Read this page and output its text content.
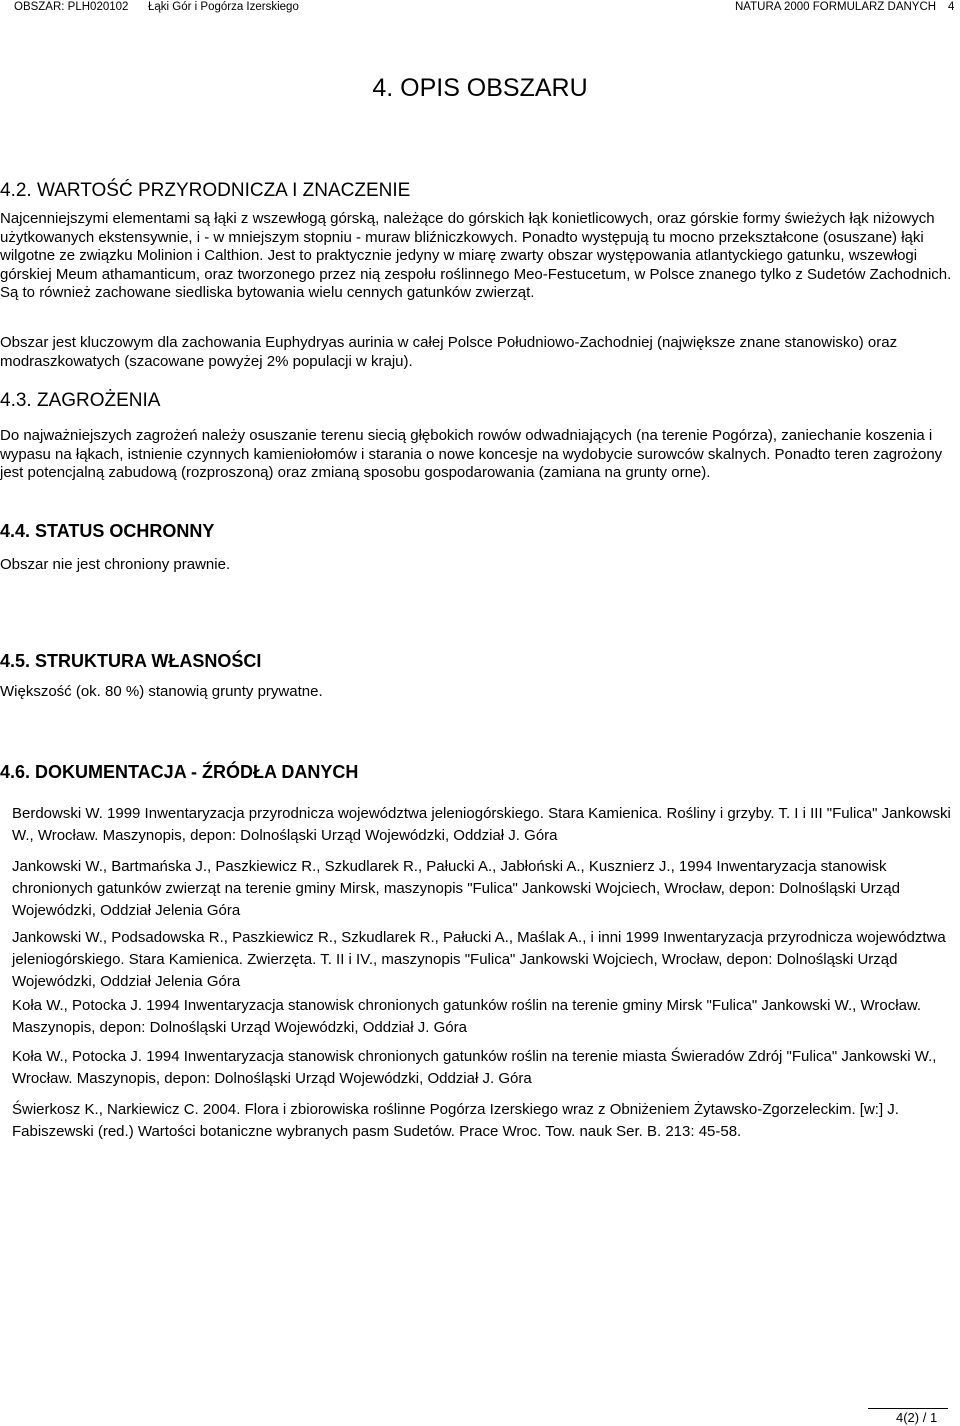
OBSZAR: PLH020102 Łąki Gór i Pogórza Izerskiego	NATURA 2000 FORMULARZ DANYCH 4
4. OPIS OBSZARU
4.2. WARTOŚĆ PRZYRODNICZA I ZNACZENIE

Najcenniejszymi elementami są łąki z wszewłogą górską, należące do górskich łąk konietlicowych, oraz górskie formy świeżych łąk niżowych użytkowanych ekstensywnie, i - w mniejszym stopniu - muraw bliźniczkowych. Ponadto występują tu mocno przekształcone (osuszane) łąki wilgotne ze związku Molinion i Calthion. Jest to praktycznie jedyny w miarę zwarty obszar występowania atlantyckiego gatunku, wszewłogi górskiej Meum athamanticum, oraz tworzonego przez nią zespołu roślinnego Meo-Festucetum, w Polsce znanego tylko z Sudetów Zachodnich. Są to również zachowane siedliska bytowania wielu cennych gatunków zwierząt.

Obszar jest kluczowym dla zachowania Euphydryas aurinia w całej Polsce Południowo-Zachodniej (największe znane stanowisko) oraz modraszkowatych (szacowane powyżej 2% populacji w kraju).

4.3. ZAGROŻENIA

Do najważniejszych zagrożeń należy osuszanie terenu siecią głębokich rowów odwadniających (na terenie Pogórza), zaniechanie koszenia i wypasu na łąkach, istnienie czynnych kamieniołomów i starania o nowe koncesje na wydobycie surowców skalnych. Ponadto teren zagrożony jest potencjalną zabudową (rozproszoną) oraz zmianą sposobu gospodarowania (zamiana na grunty orne).

4.4. STATUS OCHRONNY

Obszar nie jest chroniony prawnie.

4.5. STRUKTURA WŁASNOŚCI

Większość (ok. 80 %) stanowią grunty prywatne.

4.6. DOKUMENTACJA - ŹRÓDŁA DANYCH

Berdowski W. 1999 Inwentaryzacja przyrodnicza województwa jeleniogórskiego. Stara Kamienica. Rośliny i grzyby. T. I i III "Fulica" Jankowski W., Wrocław. Maszynopis, depon: Dolnośląski Urząd Wojewódzki, Oddział J. Góra

Jankowski W., Bartmańska J., Paszkiewicz R., Szkudlarek R., Pałucki A., Jabłoński A., Kusznierz J., 1994 Inwentaryzacja stanowisk chronionych gatunków zwierząt na terenie gminy Mirsk, maszynopis "Fulica" Jankowski Wojciech, Wrocław, depon: Dolnośląski Urząd Wojewódzki, Oddział Jelenia Góra

Jankowski W., Podsadowska R., Paszkiewicz R., Szkudlarek R., Pałucki A., Maślak A., i inni 1999 Inwentaryzacja przyrodnicza województwa jeleniogórskiego. Stara Kamienica. Zwierzęta. T. II i IV., maszynopis "Fulica" Jankowski Wojciech, Wrocław, depon: Dolnośląski Urząd Wojewódzki, Oddział Jelenia Góra

Koła W., Potocka J. 1994 Inwentaryzacja stanowisk chronionych gatunków roślin na terenie gminy Mirsk "Fulica" Jankowski W., Wrocław. Maszynopis, depon: Dolnośląski Urząd Wojewódzki, Oddział J. Góra

Koła W., Potocka J. 1994 Inwentaryzacja stanowisk chronionych gatunków roślin na terenie miasta Świeradów Zdrój "Fulica" Jankowski W., Wrocław. Maszynopis, depon: Dolnośląski Urząd Wojewódzki, Oddział J. Góra

Świerkosz K., Narkiewicz C. 2004. Flora i zbiorowiska roślinne Pogórza Izerskiego wraz z Obniżeniem Żytawsko-Zgorzeleckim. [w:] J. Fabiszewski (red.) Wartości botaniczne wybranych pasm Sudetów. Prace Wroc. Tow. nauk Ser. B. 213: 45-58.

4(2) / 1
